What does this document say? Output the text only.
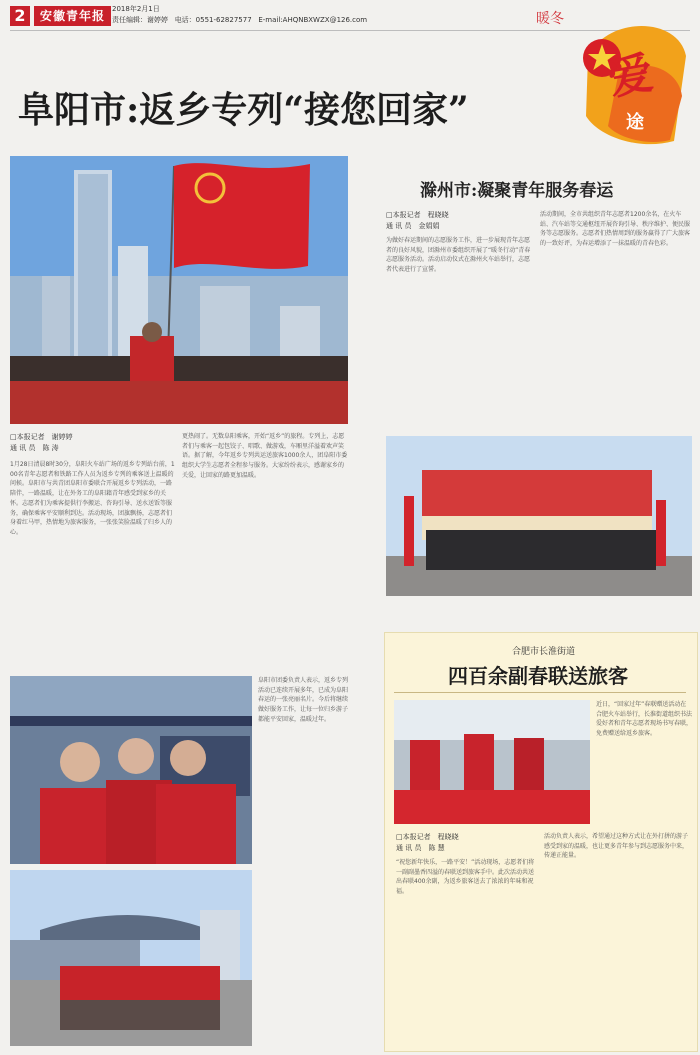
2	安徽青年报 2018年2月1日
责任编辑：谢婷婷 电话：0551-62827577 E-mail:AHQNBXWZX@126.com	暖冬
爱
途
阜阳市:返乡专列“接您回家”
□本报记者　谢婷婷
通 讯 员　陈 涛
1月28日清晨8时30分，阜阳火车站广场的返乡专列站台前，100名青年志愿者和铁路工作人员为返乡专列的乘客送上温暖的问候。阜阳市与共青团阜阳市委联合开展返乡专列活动，一路陪伴，一路温暖，让在外务工的阜阳籍青年感受到家乡的关怀。志愿者们为乘客提供行李搬运、咨询引导、送水送饭等服务，确保乘客平安顺利到达。活动现场，团旗飘扬，志愿者们身着红马甲，热情地为旅客服务，一张张笑脸温暖了归乡人的心。
更热闹了。无数阜阳乘客，开始“返乡”的旅程。专列上，志愿者们与乘客一起包饺子、唱歌、做游戏，车厢里洋溢着欢声笑语。据了解，今年返乡专列共运送旅客1000余人，团阜阳市委组织大学生志愿者全程参与服务。大家纷纷表示，感谢家乡的关爱，让回家的路更加温暖。
阜阳市团委负责人表示，返乡专列活动已连续开展多年，已成为阜阳春运的一张亮丽名片。今后将继续做好服务工作，让每一位归乡游子都能平安回家，温暖过年。
滁州市:凝聚青年服务春运
□本报记者　程晓晓
通 讯 员　金娟娟
为做好春运期间的志愿服务工作，进一步展现青年志愿者的良好风貌，团滁州市委组织开展了“暖冬行动”青春志愿服务活动。活动启动仪式在滁州火车站举行，志愿者代表进行了宣誓。
活动期间，全市共组织青年志愿者1200余名，在火车站、汽车站等交通枢纽开展咨询引导、秩序维护、便民服务等志愿服务。志愿者们热情周到的服务赢得了广大旅客的一致好评，为春运增添了一抹温暖的青春色彩。
合肥市长淮街道
四百余副春联送旅客
近日，“回家过年”春联赠送活动在合肥火车站举行，长淮街道组织书法爱好者和青年志愿者现场书写春联，免费赠送给返乡旅客。
□本报记者　程晓晓
通 讯 员　陈 慧
“祝您新年快乐，一路平安！”活动现场，志愿者们将一副副墨香四溢的春联送到旅客手中。此次活动共送出春联400余副，为返乡旅客送去了浓浓的年味和祝福。
活动负责人表示，希望通过这种方式让在外打拼的游子感受到家的温暖，也让更多青年参与到志愿服务中来，传递正能量。
